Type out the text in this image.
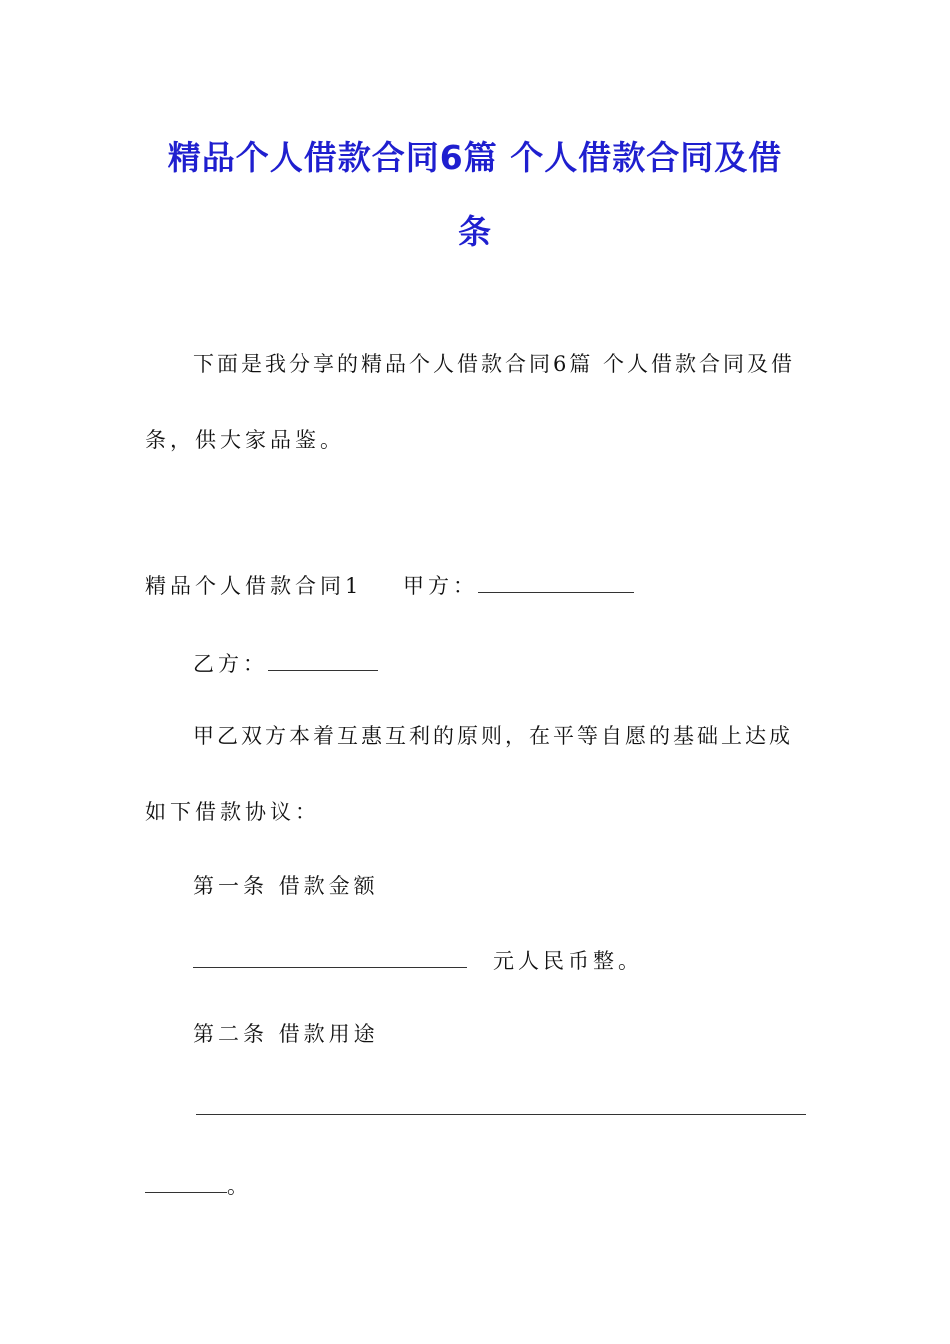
精品个人借款合同6篇 个人借款合同及借
条

下面是我分享的精品个人借款合同6篇 个人借款合同及借

条，供大家品鉴。

精品个人借款合同1 甲方：
乙方：

甲乙双方本着互惠互利的原则，在平等自愿的基础上达成

如下借款协议：

第一条 借款金额

元人民币整。

第二条 借款用途

。
